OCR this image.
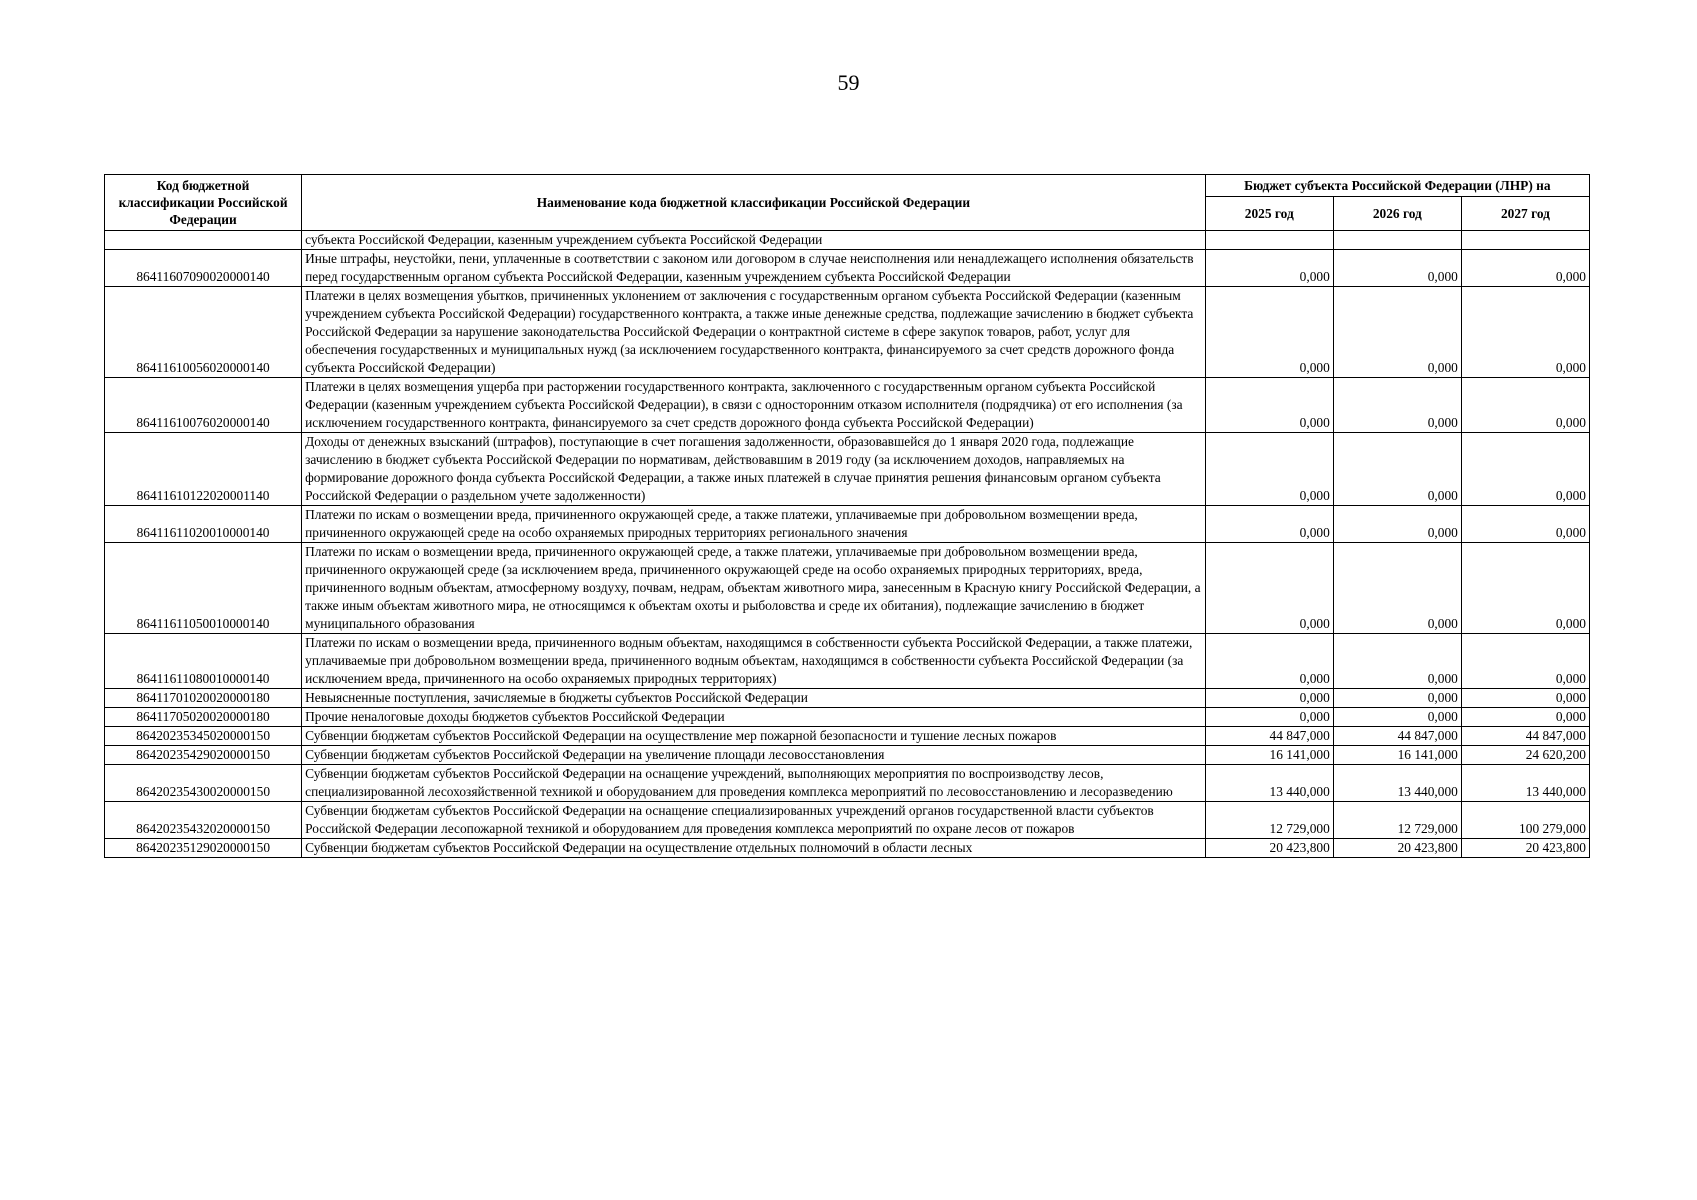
59
Код бюджетной классификации Российской Федерации	Наименование кода бюджетной классификации Российской Федерации	Бюджет субъекта Российской Федерации (ЛНР) на		
		2025 год	2026 год	2027 год
	субъекта Российской Федерации, казенным учреждением субъекта Российской Федерации			
86411607090020000140	Иные штрафы, неустойки, пени, уплаченные в соответствии с законом или договором в случае неисполнения или ненадлежащего исполнения обязательств перед государственным органом субъекта Российской Федерации, казенным учреждением субъекта Российской Федерации	0,000	0,000	0,000
86411610056020000140	Платежи в целях возмещения убытков, причиненных уклонением от заключения с государственным органом субъекта Российской Федерации (казенным учреждением субъекта Российской Федерации) государственного контракта, а также иные денежные средства, подлежащие зачислению в бюджет субъекта Российской Федерации за нарушение законодательства Российской Федерации о контрактной системе в сфере закупок товаров, работ, услуг для обеспечения государственных и муниципальных нужд (за исключением государственного контракта, финансируемого за счет средств дорожного фонда субъекта Российской Федерации)	0,000	0,000	0,000
86411610076020000140	Платежи в целях возмещения ущерба при расторжении государственного контракта, заключенного с государственным органом субъекта Российской Федерации (казенным учреждением субъекта Российской Федерации), в связи с односторонним отказом исполнителя (подрядчика) от его исполнения (за исключением государственного контракта, финансируемого за счет средств дорожного фонда субъекта Российской Федерации)	0,000	0,000	0,000
86411610122020001140	Доходы от денежных взысканий (штрафов), поступающие в счет погашения задолженности, образовавшейся до 1 января 2020 года, подлежащие зачислению в бюджет субъекта Российской Федерации по нормативам, действовавшим в 2019 году (за исключением доходов, направляемых на формирование дорожного фонда субъекта Российской Федерации, а также иных платежей в случае принятия решения финансовым органом субъекта Российской Федерации о раздельном учете задолженности)	0,000	0,000	0,000
86411611020010000140	Платежи по искам о возмещении вреда, причиненного окружающей среде, а также платежи, уплачиваемые при добровольном возмещении вреда, причиненного окружающей среде на особо охраняемых природных территориях регионального значения	0,000	0,000	0,000
86411611050010000140	Платежи по искам о возмещении вреда, причиненного окружающей среде, а также платежи, уплачиваемые при добровольном возмещении вреда, причиненного окружающей среде (за исключением вреда, причиненного окружающей среде на особо охраняемых природных территориях, вреда, причиненного водным объектам, атмосферному воздуху, почвам, недрам, объектам животного мира, занесенным в Красную книгу Российской Федерации, а также иным объектам животного мира, не относящимся к объектам охоты и рыболовства и среде их обитания), подлежащие зачислению в бюджет муниципального образования	0,000	0,000	0,000
86411611080010000140	Платежи по искам о возмещении вреда, причиненного водным объектам, находящимся в собственности субъекта Российской Федерации, а также платежи, уплачиваемые при добровольном возмещении вреда, причиненного водным объектам, находящимся в собственности субъекта Российской Федерации (за исключением вреда, причиненного на особо охраняемых природных территориях)	0,000	0,000	0,000
86411701020020000180	Невыясненные поступления, зачисляемые в бюджеты субъектов Российской Федерации	0,000	0,000	0,000
86411705020020000180	Прочие неналоговые доходы бюджетов субъектов Российской Федерации	0,000	0,000	0,000
86420235345020000150	Субвенции бюджетам субъектов Российской Федерации на осуществление мер пожарной безопасности и тушение лесных пожаров	44 847,000	44 847,000	44 847,000
86420235429020000150	Субвенции бюджетам субъектов Российской Федерации на увеличение площади лесовосстановления	16 141,000	16 141,000	24 620,200
86420235430020000150	Субвенции бюджетам субъектов Российской Федерации на оснащение учреждений, выполняющих мероприятия по воспроизводству лесов, специализированной лесохозяйственной техникой и оборудованием для проведения комплекса мероприятий по лесовосстановлению и лесоразведению	13 440,000	13 440,000	13 440,000
86420235432020000150	Субвенции бюджетам субъектов Российской Федерации на оснащение специализированных учреждений органов государственной власти субъектов Российской Федерации лесопожарной техникой и оборудованием для проведения комплекса мероприятий по охране лесов от пожаров	12 729,000	12 729,000	100 279,000
86420235129020000150	Субвенции бюджетам субъектов Российской Федерации на осуществление отдельных полномочий в области лесных	20 423,800	20 423,800	20 423,800
